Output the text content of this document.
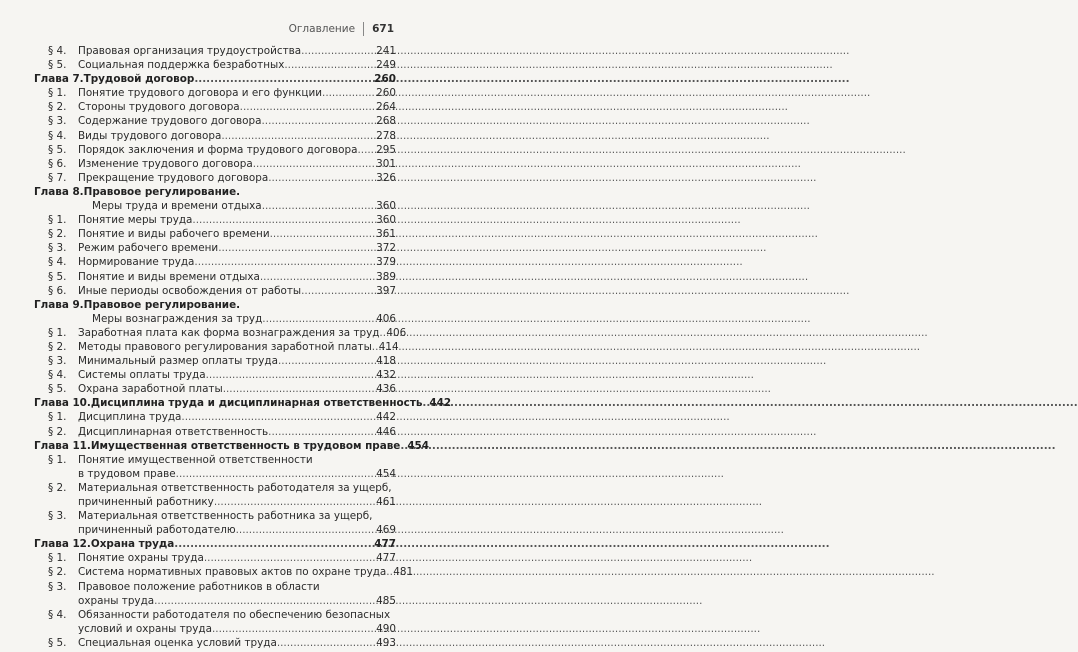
Оглавление 671
§ 4.	Правовая организация трудоустройства .....	241
§ 5.	Социальная поддержка безработных .....	249
Глава 7. Трудовой договор .....	260
§ 1.	Понятие трудового договора и его функции .....	260
§ 2.	Стороны трудового договора .....	264
§ 3.	Содержание трудового договора .....	268
§ 4.	Виды трудового договора .....	278
§ 5.	Порядок заключения и форма трудового договора ..... 295
§ 6.	Изменение трудового договора .....	301
§ 7.	Прекращение трудового договора .....	326
Глава 8. Правовое регулирование.
Меры труда и времени отдыха .....	360
§ 1.	Понятие меры труда .....	360
§ 2.	Понятие и виды рабочего времени .....	361
§ 3.	Режим рабочего времени .....	372
§ 4.	Нормирование труда .....	379
§ 5.	Понятие и виды времени отдыха .....	389
§ 6.	Иные периоды освобождения от работы .....	397
Глава 9. Правовое регулирование.
Меры вознаграждения за труд .....	406
§ 1.	Заработная плата как форма вознаграждения за труд ..... 406
§ 2.	Методы правового регулирования заработной платы ..... 414
§ 3.	Минимальный размер оплаты труда .....	418
§ 4.	Системы оплаты труда .....	432
§ 5.	Охрана заработной платы .....	436
Глава 10. Дисциплина труда и дисциплинарная ответственность ..... 442
§ 1.	Дисциплина труда .....	442
§ 2.	Дисциплинарная ответственность .....	446
Глава 11. Имущественная ответственность в трудовом праве ..... 454
§ 1.	Понятие имущественной ответственности
в трудовом праве .....	454
§ 2.	Материальная ответственность работодателя за ущерб,
причиненный работнику .....	461
§ 3.	Материальная ответственность работника за ущерб,
причиненный работодателю .....	469
Глава 12. Охрана труда .....	477
§ 1.	Понятие охраны труда .....	477
§ 2.	Система нормативных правовых актов по охране труда ..... 481
§ 3.	Правовое положение работников в области
охраны труда .....	485
§ 4.	Обязанности работодателя по обеспечению безопасных
условий и охраны труда .....	490
§ 5.	Специальная оценка условий труда .....	493
